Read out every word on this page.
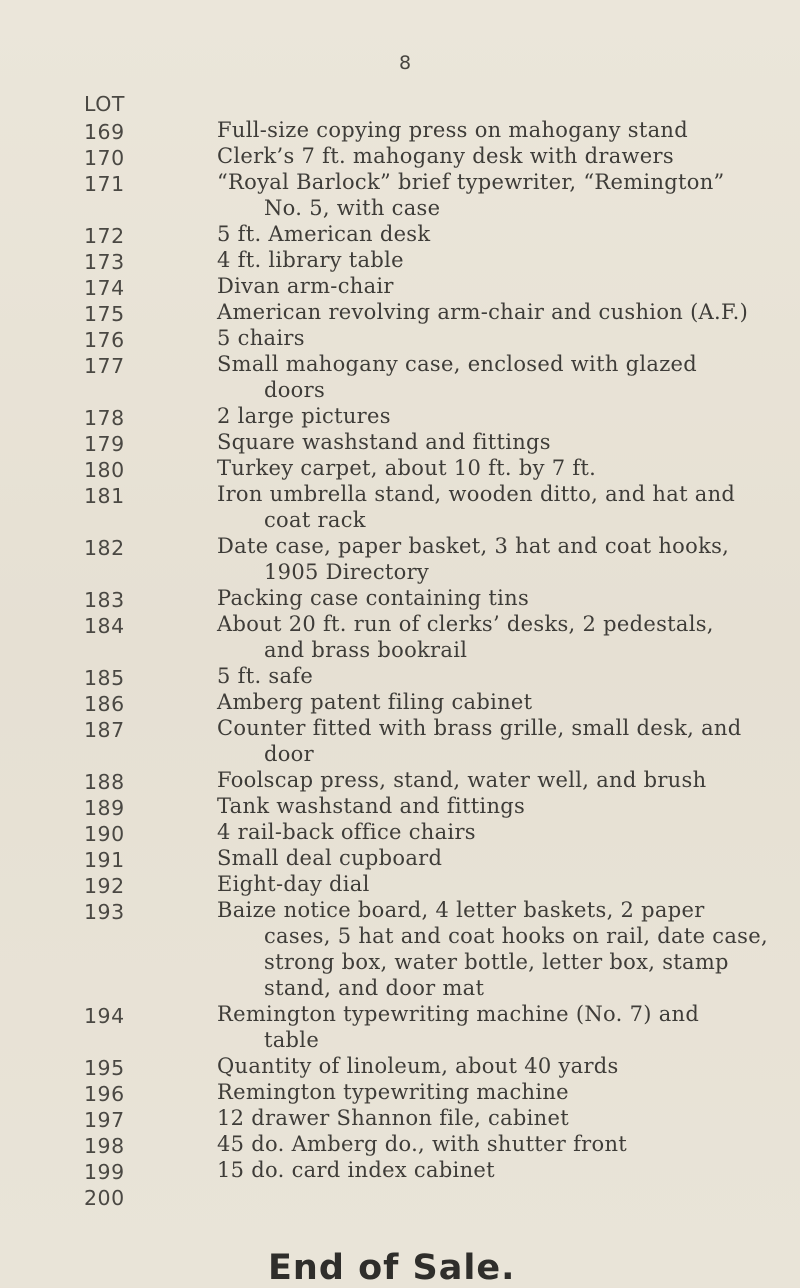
8
LOT
169
170
171
172
173
174
175
176
177
178
179
180
181
182
183
184
185
186
187
188
189
190
191
192
193
194
195
196
197
198
199
200
Full-size copying press on mahogany stand
Clerk’s 7 ft. mahogany desk with drawers
“Royal Barlock” brief typewriter, “Remington”
No. 5, with case
5 ft. American desk
4 ft. library table
Divan arm-chair
American revolving arm-chair and cushion (A.F.)
5 chairs
Small mahogany case, enclosed with glazed
doors
2 large pictures
Square washstand and fittings
Turkey carpet, about 10 ft. by 7 ft.
Iron umbrella stand, wooden ditto, and hat and
coat rack
Date case, paper basket, 3 hat and coat hooks,
1905 Directory
Packing case containing tins
About 20 ft. run of clerks’ desks, 2 pedestals,
and brass bookrail
5 ft. safe
Amberg patent filing cabinet
Counter fitted with brass grille, small desk, and
door
Foolscap press, stand, water well, and brush
Tank washstand and fittings
4 rail-back office chairs
Small deal cupboard
Eight-day dial
Baize notice board, 4 letter baskets, 2 paper
cases, 5 hat and coat hooks on rail, date case,
strong box, water bottle, letter box, stamp
stand, and door mat
Remington typewriting machine (No. 7) and
table
Quantity of linoleum, about 40 yards
Remington typewriting machine
12 drawer Shannon file, cabinet
45 do. Amberg do., with shutter front
15 do. card index cabinet
End of Sale.
